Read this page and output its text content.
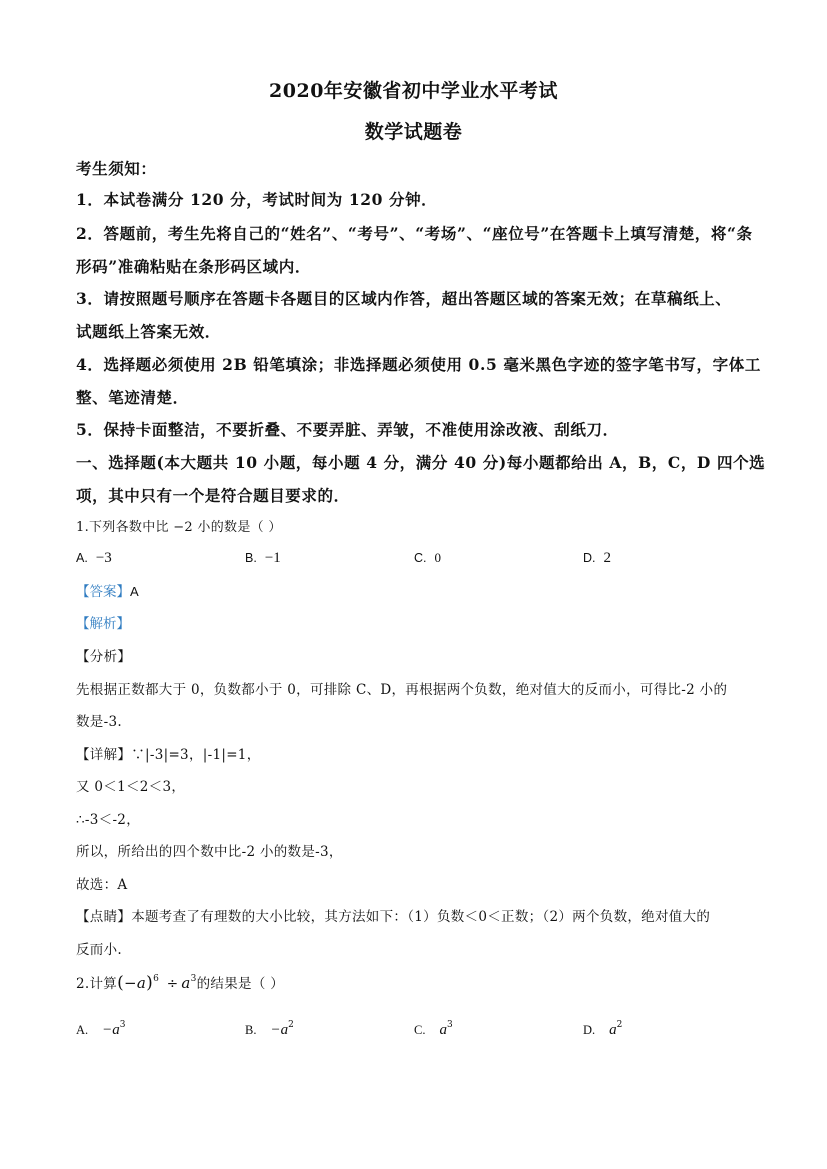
2020年安徽省初中学业水平考试
数学试题卷
考生须知：
1．本试卷满分 120 分，考试时间为 120 分钟．
2．答题前，考生先将自己的“姓名”、“考号”、“考场”、“座位号”在答题卡上填写清楚，将“条
形码”准确粘贴在条形码区域内．
3．请按照题号顺序在答题卡各题目的区域内作答，超出答题区域的答案无效；在草稿纸上、
试题纸上答案无效．
4．选择题必须使用 2B 铅笔填涂；非选择题必须使用 0.5 毫米黑色字迹的签字笔书写，字体工
整、笔迹清楚．
5．保持卡面整洁，不要折叠、不要弄脏、弄皱，不准使用涂改液、刮纸刀．
一、选择题(本大题共 10 小题，每小题 4 分，满分 40 分)每小题都给出 A，B，C，D 四个选
项，其中只有一个是符合题目要求的．
1.下列各数中比 −2 小的数是（ ）
A. −3	B. −1	C. 0	D. 2
【答案】A
【解析】
【分析】
先根据正数都大于 0，负数都小于 0，可排除 C、D，再根据两个负数，绝对值大的反而小，可得比-2 小的
数是-3.
【详解】∵|-3|=3，|-1|=1，
又 0＜1＜2＜3，
∴-3＜-2，
所以，所给出的四个数中比-2 小的数是-3，
故选：A
【点睛】本题考查了有理数的大小比较，其方法如下：（1）负数＜0＜正数；（2）两个负数，绝对值大的
反而小.
2.计算$(-a)^6 \div a^3$的结果是（ ）
A. $-a^3$	B. $-a^2$	C. $a^3$	D. $a^2$
